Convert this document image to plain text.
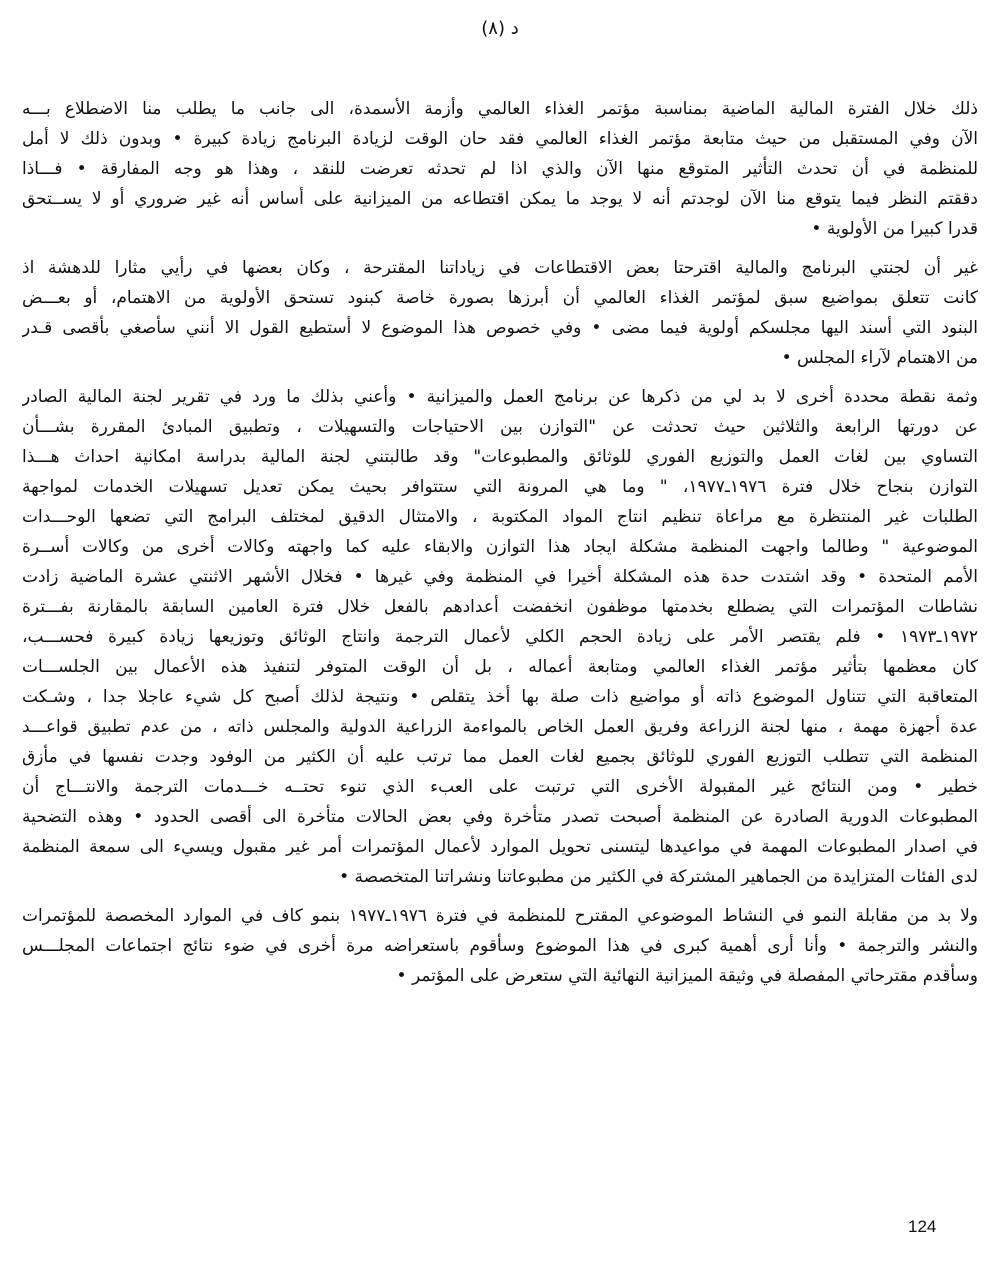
د (٨)
ذلك خلال الفترة المالية الماضية بمناسبة مؤتمر الغذاء العالمي وأزمة الأسمدة، الى جانب ما يطلب منا الاضطلاع بـــه
الآن وفي المستقبل من حيث متابعة مؤتمر الغذاء العالمي فقد حان الوقت لزيادة البرنامج زيادة كبيرة • وبدون ذلك لا أمل
للمنظمة في أن تحدث التأثير المتوقع منها الآن والذي اذا لم تحدثه تعرضت للنقد ، وهذا هو وجه المفارقة • فـــاذا
دققتم النظر فيما يتوقع منا الآن لوجدتم أنه لا يوجد ما يمكن اقتطاعه من الميزانية على أساس أنه غير ضروري أو لا يســتحق
قدرا كبيرا من الأولوية •
غير أن لجنتي البرنامج والمالية اقترحتا بعض الاقتطاعات في زياداتنا المقترحة ، وكان بعضها في رأيي مثارا للدهشة اذ
كانت تتعلق بمواضيع سبق لمؤتمر الغذاء العالمي أن أبرزها بصورة خاصة كبنود تستحق الأولوية من الاهتمام، أو بعـــض
البنود التي أسند اليها مجلسكم أولوية فيما مضى • وفي خصوص هذا الموضوع لا أستطيع القول الا أنني سأصغي بأقصى قـدر
من الاهتمام لآراء المجلس •
وثمة نقطة محددة أخرى لا بد لي من ذكرها عن برنامج العمل والميزانية • وأعني بذلك ما ورد في تقرير لجنة المالية الصادر
عن دورتها الرابعة والثلاثين حيث تحدثت عن "التوازن بين الاحتياجات والتسهيلات ، وتطبيق المبادئ المقررة بشـــأن
التساوي بين لغات العمل والتوزيع الفوري للوثائق والمطبوعات" وقد طالبتني لجنة المالية بدراسة امكانية احداث هـــذا
التوازن بنجاح خلال فترة ١٩٧٦ـ١٩٧٧، " وما هي المرونة التي ستتوافر بحيث يمكن تعديل تسهيلات الخدمات لمواجهة
الطلبات غير المنتظرة مع مراعاة تنظيم انتاج المواد المكتوبة ، والامتثال الدقيق لمختلف البرامج التي تضعها الوحـــدات
الموضوعية " وطالما واجهت المنظمة مشكلة ايجاد هذا التوازن والابقاء عليه كما واجهته وكالات أخرى من وكالات أســرة
الأمم المتحدة • وقد اشتدت حدة هذه المشكلة أخيرا في المنظمة وفي غيرها • فخلال الأشهر الاثنتي عشرة الماضية زادت
نشاطات المؤتمرات التي يضطلع بخدمتها موظفون انخفضت أعدادهم بالفعل خلال فترة العامين السابقة بالمقارنة بفـــترة
١٩٧٢ـ١٩٧٣ • فلم يقتصر الأمر على زيادة الحجم الكلي لأعمال الترجمة وانتاج الوثائق وتوزيعها زيادة كبيرة فحســـب،
كان معظمها بتأثير مؤتمر الغذاء العالمي ومتابعة أعماله ، بل أن الوقت المتوفر لتنفيذ هذه الأعمال بين الجلســـات
المتعاقبة التي تتناول الموضوع ذاته أو مواضيع ذات صلة بها أخذ يتقلص • ونتيجة لذلك أصبح كل شيء عاجلا جدا ، وشـكت
عدة أجهزة مهمة ، منها لجنة الزراعة وفريق العمل الخاص بالمواءمة الزراعية الدولية والمجلس ذاته ، من عدم تطبيق قواعـــد
المنظمة التي تتطلب التوزيع الفوري للوثائق بجميع لغات العمل مما ترتب عليه أن الكثير من الوفود وجدت نفسها في مأزق
خطير • ومن النتائج غير المقبولة الأخرى التي ترتبت على العبء الذي تنوء تحتــه خـــدمات الترجمة والانتـــاج أن
المطبوعات الدورية الصادرة عن المنظمة أصبحت تصدر متأخرة وفي بعض الحالات متأخرة الى أقصى الحدود • وهذه التضحية
في اصدار المطبوعات المهمة في مواعيدها ليتسنى تحويل الموارد لأعمال المؤتمرات أمر غير مقبول ويسيء الى سمعة المنظمة
لدى الفئات المتزايدة من الجماهير المشتركة في الكثير من مطبوعاتنا ونشراتنا المتخصصة •
ولا بد من مقابلة النمو في النشاط الموضوعي المقترح للمنظمة في فترة ١٩٧٦ـ١٩٧٧ بنمو كاف في الموارد المخصصة للمؤتمرات
والنشر والترجمة • وأنا أرى أهمية كبرى في هذا الموضوع وسأقوم باستعراضه مرة أخرى في ضوء نتائج اجتماعات المجلـــس
وسأقدم مقترحاتي المفصلة في وثيقة الميزانية النهائية التي ستعرض على المؤتمر •
124
